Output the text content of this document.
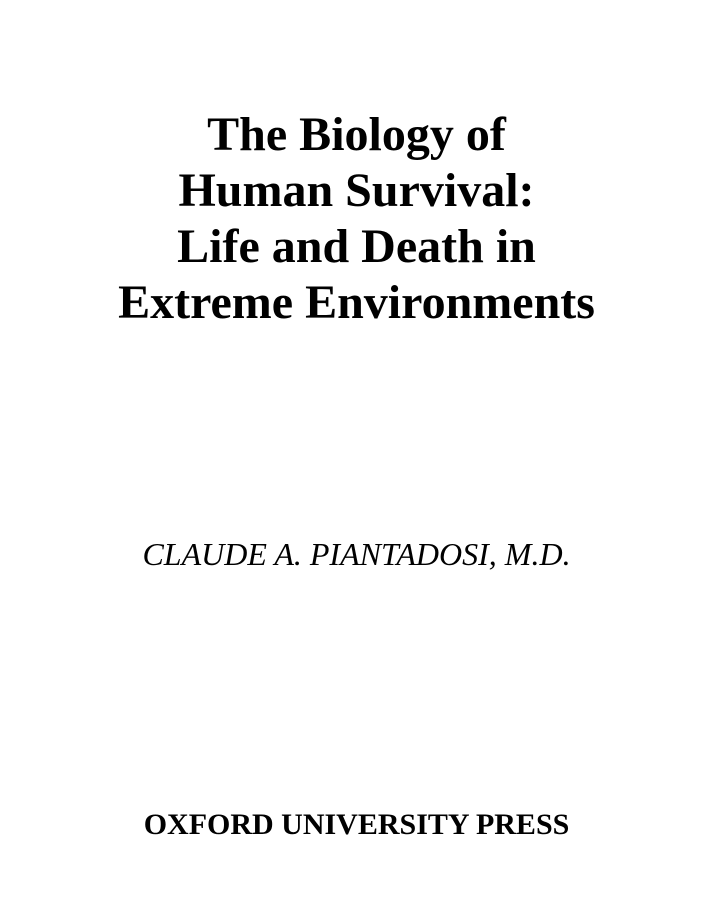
The Biology of
Human Survival:
Life and Death in
Extreme Environments

CLAUDE A. PIANTADOSI, M.D.

OXFORD UNIVERSITY PRESS
